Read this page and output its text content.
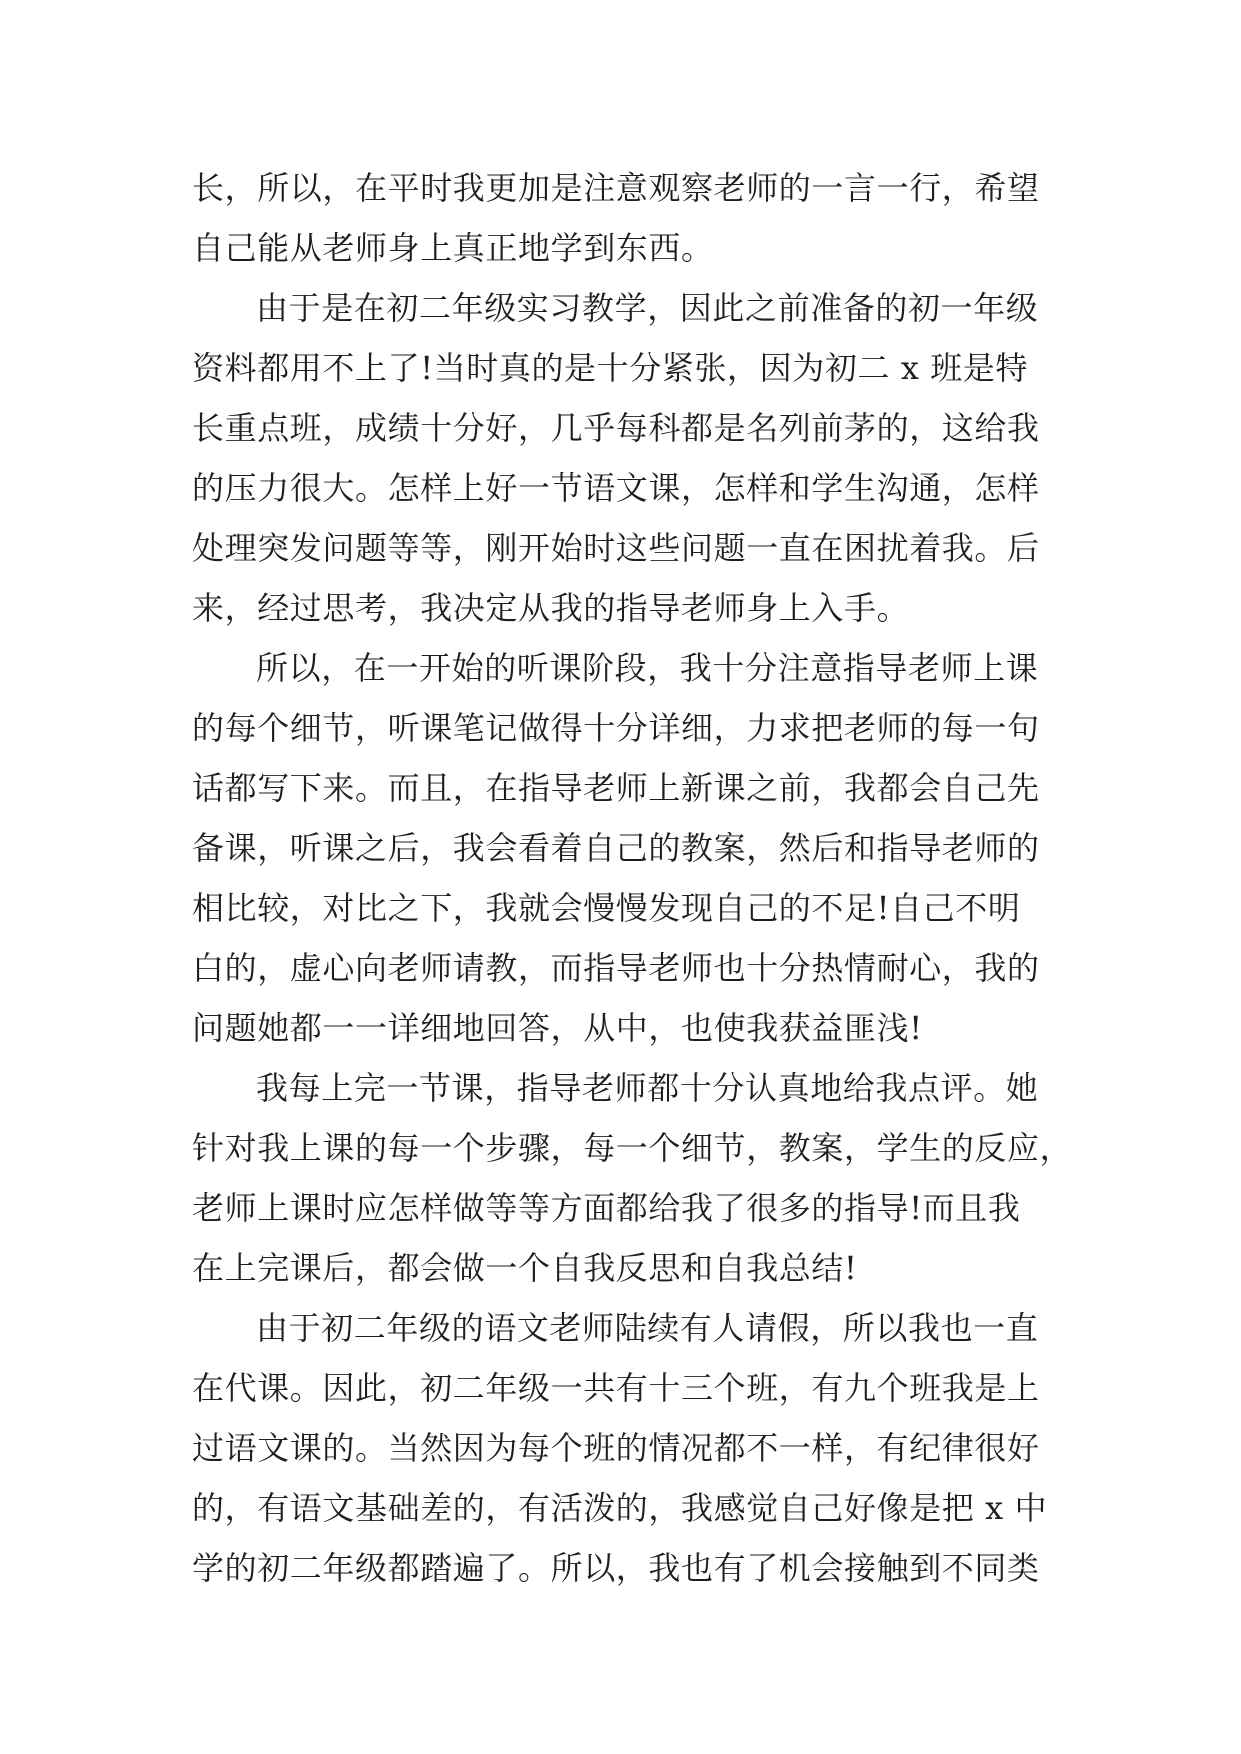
长，所以，在平时我更加是注意观察老师的一言一行，希望
自己能从老师身上真正地学到东西。
由于是在初二年级实习教学，因此之前准备的初一年级
资料都用不上了!当时真的是十分紧张，因为初二 x 班是特
长重点班，成绩十分好，几乎每科都是名列前茅的，这给我
的压力很大。怎样上好一节语文课，怎样和学生沟通，怎样
处理突发问题等等，刚开始时这些问题一直在困扰着我。后
来，经过思考，我决定从我的指导老师身上入手。
所以，在一开始的听课阶段，我十分注意指导老师上课
的每个细节，听课笔记做得十分详细，力求把老师的每一句
话都写下来。而且，在指导老师上新课之前，我都会自己先
备课，听课之后，我会看着自己的教案，然后和指导老师的
相比较，对比之下，我就会慢慢发现自己的不足!自己不明
白的，虚心向老师请教，而指导老师也十分热情耐心，我的
问题她都一一详细地回答，从中，也使我获益匪浅!
我每上完一节课，指导老师都十分认真地给我点评。她
针对我上课的每一个步骤，每一个细节，教案，学生的反应，
老师上课时应怎样做等等方面都给我了很多的指导!而且我
在上完课后，都会做一个自我反思和自我总结!
由于初二年级的语文老师陆续有人请假，所以我也一直
在代课。因此，初二年级一共有十三个班，有九个班我是上
过语文课的。当然因为每个班的情况都不一样，有纪律很好
的，有语文基础差的，有活泼的，我感觉自己好像是把 x 中
学的初二年级都踏遍了。所以，我也有了机会接触到不同类
